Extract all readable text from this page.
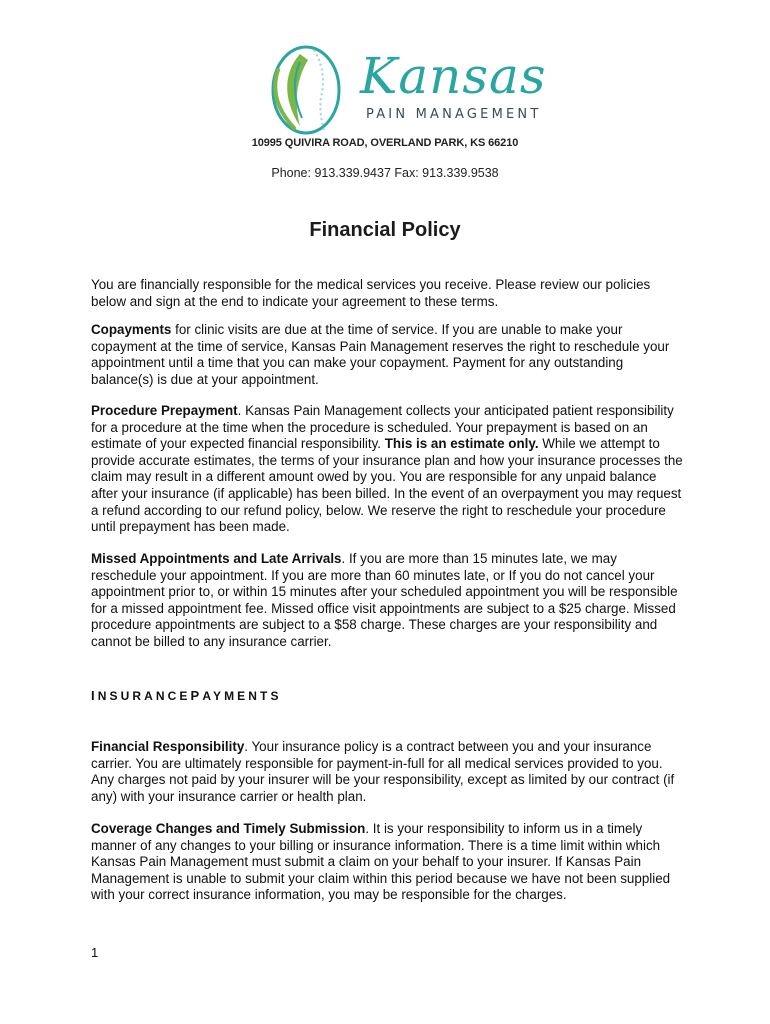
Kansas
PAIN MANAGEMENT
10995 QUIVIRA ROAD, OVERLAND PARK, KS 66210
Phone: 913.339.9437 Fax: 913.339.9538
Financial Policy

You are financially responsible for the medical services you receive. Please review our policies below and sign at the end to indicate your agreement to these terms.

Copayments for clinic visits are due at the time of service. If you are unable to make your copayment at the time of service, Kansas Pain Management reserves the right to reschedule your appointment until a time that you can make your copayment. Payment for any outstanding balance(s) is due at your appointment.

Procedure Prepayment. Kansas Pain Management collects your anticipated patient responsibility for a procedure at the time when the procedure is scheduled. Your prepayment is based on an estimate of your expected financial responsibility. This is an estimate only. While we attempt to provide accurate estimates, the terms of your insurance plan and how your insurance processes the claim may result in a different amount owed by you. You are responsible for any unpaid balance after your insurance (if applicable) has been billed. In the event of an overpayment you may request a refund according to our refund policy, below. We reserve the right to reschedule your procedure until prepayment has been made.

Missed Appointments and Late Arrivals. If you are more than 15 minutes late, we may reschedule your appointment. If you are more than 60 minutes late, or If you do not cancel your appointment prior to, or within 15 minutes after your scheduled appointment you will be responsible for a missed appointment fee. Missed office visit appointments are subject to a $25 charge. Missed procedure appointments are subject to a $58 charge. These charges are your responsibility and cannot be billed to any insurance carrier.

INSURANCEPAYMENTS

Financial Responsibility. Your insurance policy is a contract between you and your insurance carrier. You are ultimately responsible for payment-in-full for all medical services provided to you. Any charges not paid by your insurer will be your responsibility, except as limited by our contract (if any) with your insurance carrier or health plan.

Coverage Changes and Timely Submission. It is your responsibility to inform us in a timely manner of any changes to your billing or insurance information. There is a time limit within which Kansas Pain Management must submit a claim on your behalf to your insurer. If Kansas Pain Management is unable to submit your claim within this period because we have not been supplied with your correct insurance information, you may be responsible for the charges.

1
